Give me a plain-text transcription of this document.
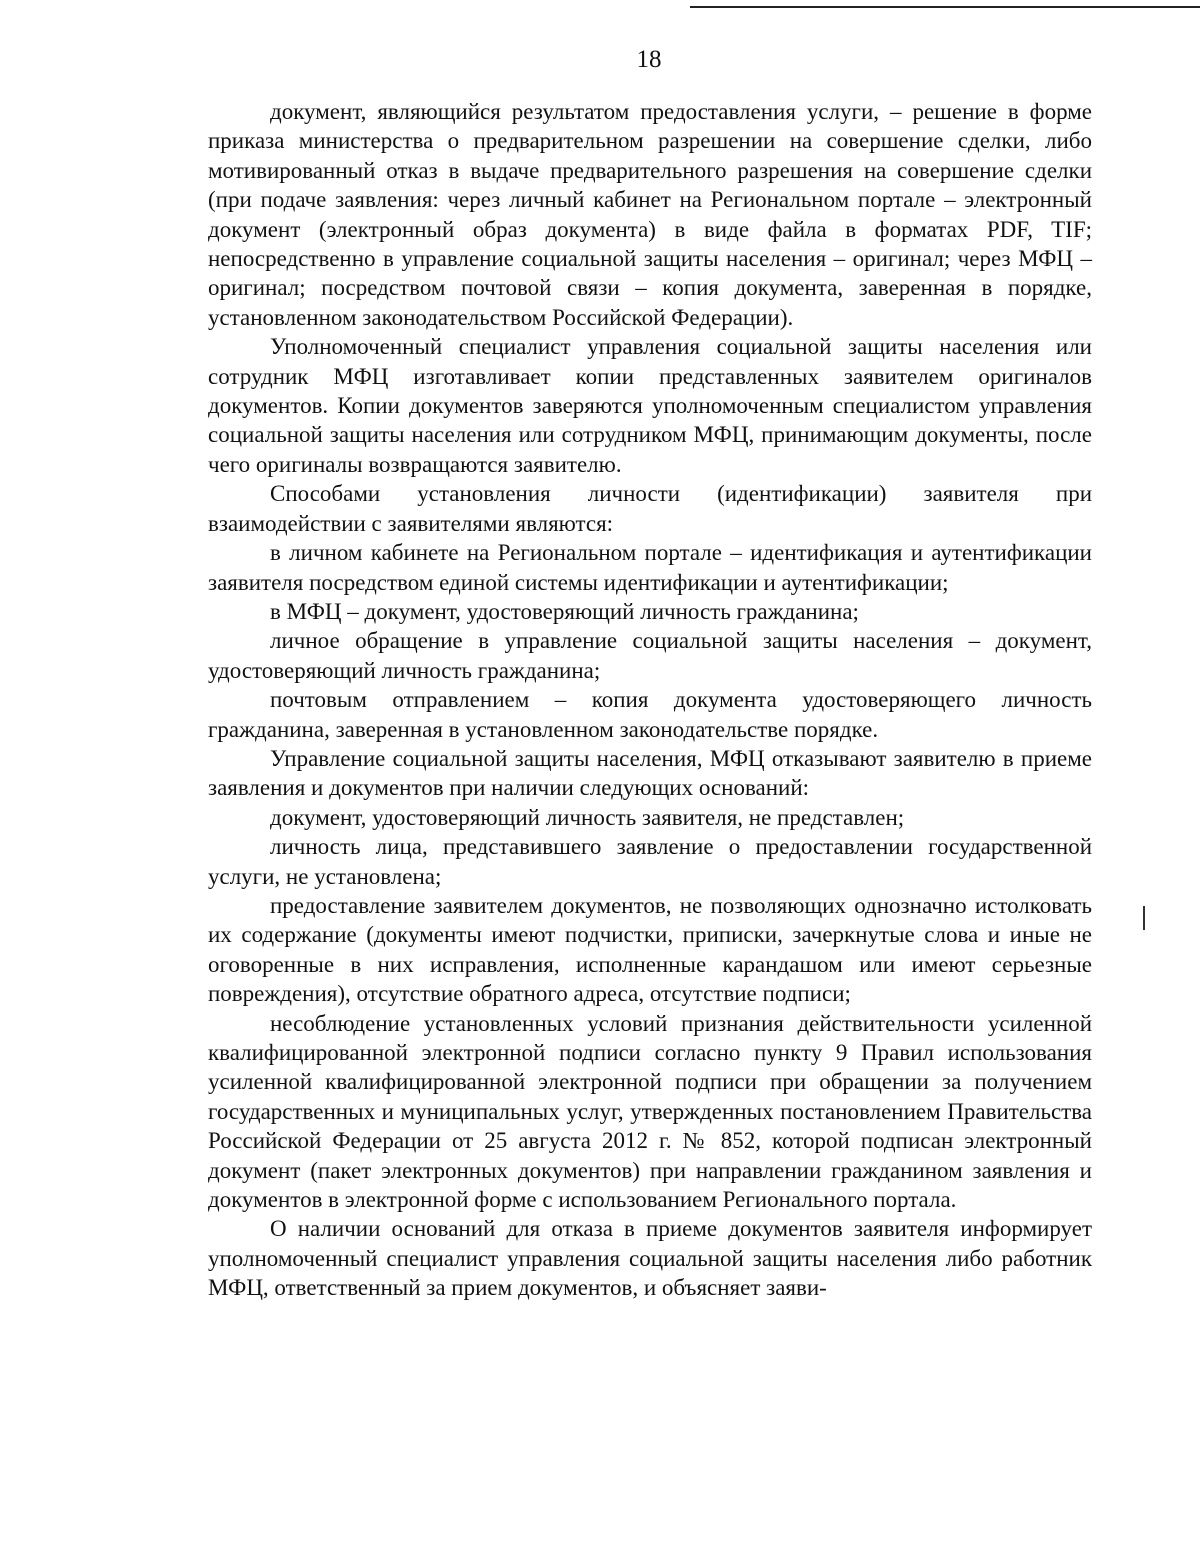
18

документ, являющийся результатом предоставления услуги, – решение в форме приказа министерства о предварительном разрешении на совершение сделки, либо мотивированный отказ в выдаче предварительного разрешения на совершение сделки (при подаче заявления: через личный кабинет на Региональном портале – электронный документ (электронный образ документа) в виде файла в форматах PDF, TIF; непосредственно в управление социальной защиты населения – оригинал; через МФЦ – оригинал; посредством почтовой связи – копия документа, заверенная в порядке, установленном законодательством Российской Федерации).

Уполномоченный специалист управления социальной защиты населения или сотрудник МФЦ изготавливает копии представленных заявителем оригиналов документов. Копии документов заверяются уполномоченным специалистом управления социальной защиты населения или сотрудником МФЦ, принимающим документы, после чего оригиналы возвращаются заявителю.

Способами установления личности (идентификации) заявителя при взаимодействии с заявителями являются:

в личном кабинете на Региональном портале – идентификация и аутентификации заявителя посредством единой системы идентификации и аутентификации;

в МФЦ – документ, удостоверяющий личность гражданина;

личное обращение в управление социальной защиты населения – документ, удостоверяющий личность гражданина;

почтовым отправлением – копия документа удостоверяющего личность гражданина, заверенная в установленном законодательстве порядке.

Управление социальной защиты населения, МФЦ отказывают заявителю в приеме заявления и документов при наличии следующих оснований:

документ, удостоверяющий личность заявителя, не представлен;

личность лица, представившего заявление о предоставлении государственной услуги, не установлена;

предоставление заявителем документов, не позволяющих однозначно истолковать их содержание (документы имеют подчистки, приписки, зачеркнутые слова и иные не оговоренные в них исправления, исполненные карандашом или имеют серьезные повреждения), отсутствие обратного адреса, отсутствие подписи;

несоблюдение установленных условий признания действительности усиленной квалифицированной электронной подписи согласно пункту 9 Правил использования усиленной квалифицированной электронной подписи при обращении за получением государственных и муниципальных услуг, утвержденных постановлением Правительства Российской Федерации от 25 августа 2012 г. № 852, которой подписан электронный документ (пакет электронных документов) при направлении гражданином заявления и документов в электронной форме с использованием Регионального портала.

О наличии оснований для отказа в приеме документов заявителя информирует уполномоченный специалист управления социальной защиты населения либо работник МФЦ, ответственный за прием документов, и объясняет заяви-
